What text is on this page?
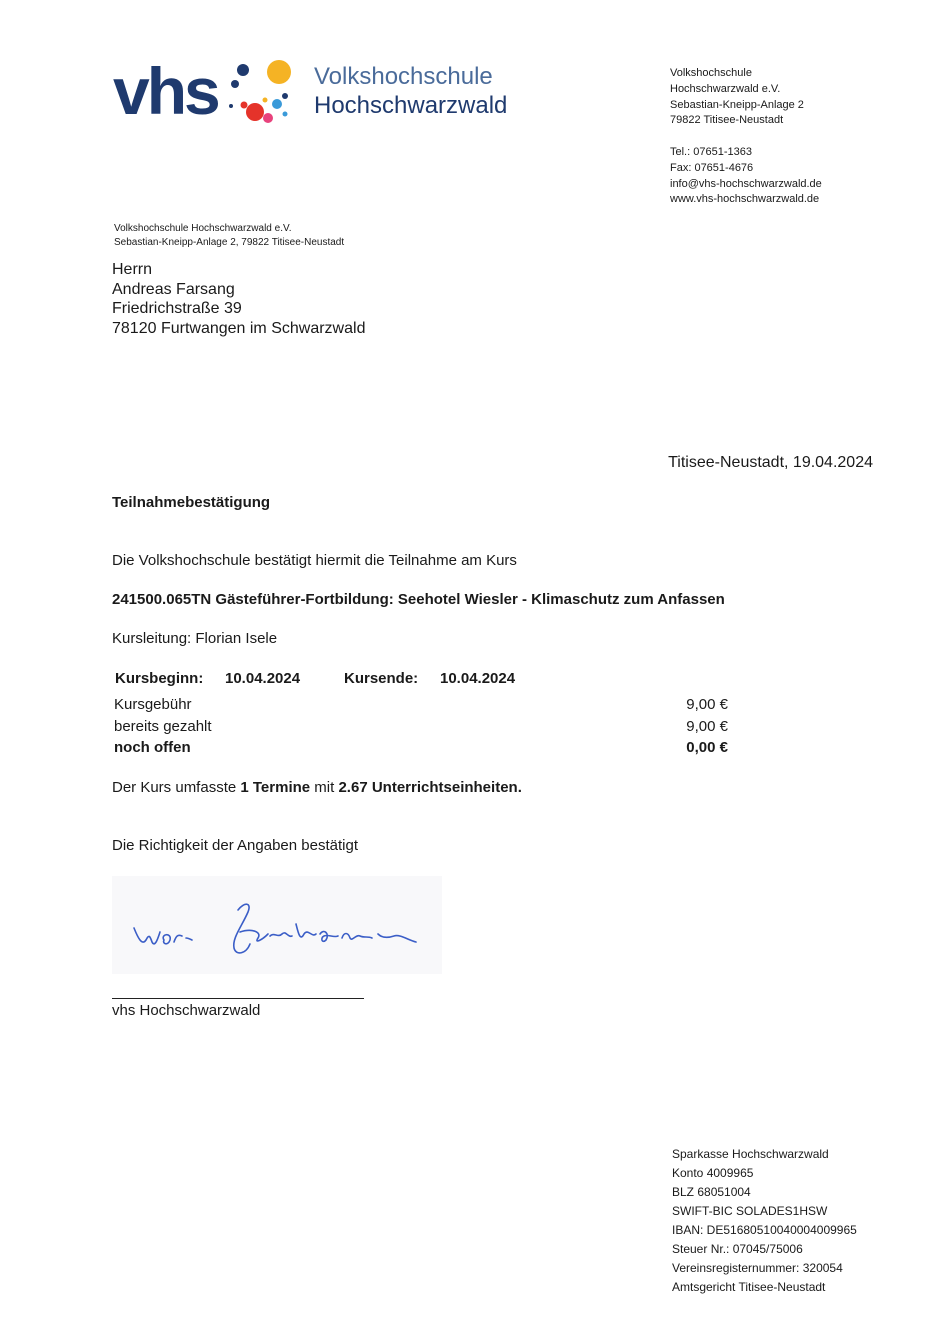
vhs	Volkshochschule
Hochschwarzwald
Volkshochschule
Hochschwarzwald e.V.
Sebastian-Kneipp-Anlage 2
79822 Titisee-Neustadt
Tel.: 07651-1363
Fax: 07651-4676
info@vhs-hochschwarzwald.de
www.vhs-hochschwarzwald.de
Volkshochschule Hochschwarzwald e.V.
Sebastian-Kneipp-Anlage 2, 79822 Titisee-Neustadt
Herrn
Andreas Farsang
Friedrichstraße 39
78120 Furtwangen im Schwarzwald
Titisee-Neustadt, 19.04.2024
Teilnahmebestätigung
Die Volkshochschule bestätigt hiermit die Teilnahme am Kurs
241500.065TN Gästeführer-Fortbildung: Seehotel Wiesler - Klimaschutz zum Anfassen
Kursleitung: Florian Isele
Kursbeginn: 10.04.2024	Kursende: 10.04.2024
Kursgebühr	9,00 €
bereits gezahlt	9,00 €
noch offen	0,00 €
Der Kurs umfasste 1 Termine mit 2.67 Unterrichtseinheiten.
Die Richtigkeit der Angaben bestätigt
vhs Hochschwarzwald
Sparkasse Hochschwarzwald
Konto 4009965
BLZ 68051004
SWIFT-BIC SOLADES1HSW
IBAN: DE51680510040004009965
Steuer Nr.: 07045/75006
Vereinsregisternummer: 320054
Amtsgericht Titisee-Neustadt
